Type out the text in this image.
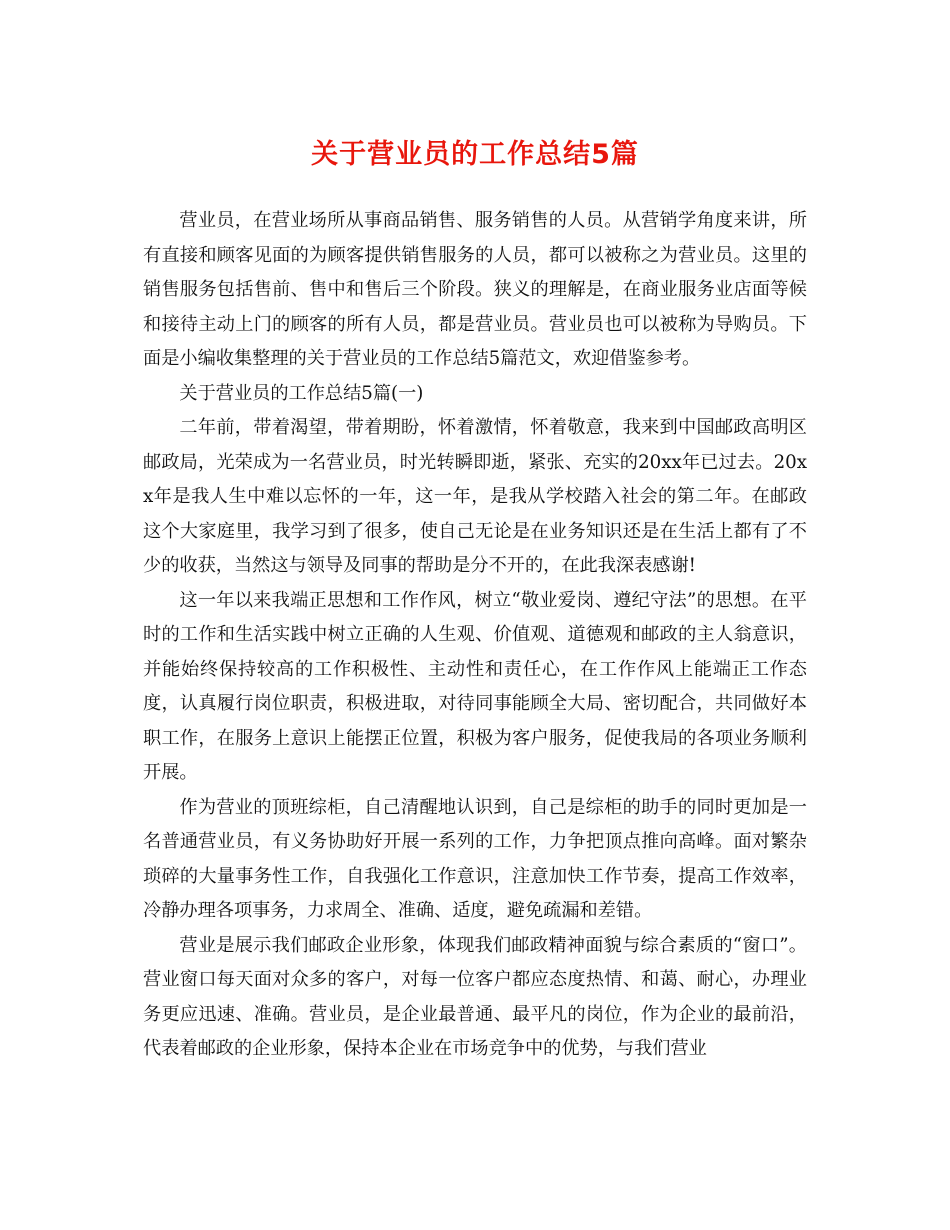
关于营业员的工作总结5篇

营业员，在营业场所从事商品销售、服务销售的人员。从营销学角度来讲，所有直接和顾客见面的为顾客提供销售服务的人员，都可以被称之为营业员。这里的销售服务包括售前、售中和售后三个阶段。狭义的理解是，在商业服务业店面等候和接待主动上门的顾客的所有人员，都是营业员。营业员也可以被称为导购员。下面是小编收集整理的关于营业员的工作总结5篇范文，欢迎借鉴参考。

关于营业员的工作总结5篇(一)

二年前，带着渴望，带着期盼，怀着激情，怀着敬意，我来到中国邮政高明区邮政局，光荣成为一名营业员，时光转瞬即逝，紧张、充实的20xx年已过去。20xx年是我人生中难以忘怀的一年，这一年，是我从学校踏入社会的第二年。在邮政这个大家庭里，我学习到了很多，使自己无论是在业务知识还是在生活上都有了不少的收获，当然这与领导及同事的帮助是分不开的，在此我深表感谢!

这一年以来我端正思想和工作作风，树立“敬业爱岗、遵纪守法”的思想。在平时的工作和生活实践中树立正确的人生观、价值观、道德观和邮政的主人翁意识，并能始终保持较高的工作积极性、主动性和责任心，在工作作风上能端正工作态度，认真履行岗位职责，积极进取，对待同事能顾全大局、密切配合，共同做好本职工作，在服务上意识上能摆正位置，积极为客户服务，促使我局的各项业务顺利开展。

作为营业的顶班综柜，自己清醒地认识到，自己是综柜的助手的同时更加是一名普通营业员，有义务协助好开展一系列的工作，力争把顶点推向高峰。面对繁杂琐碎的大量事务性工作，自我强化工作意识，注意加快工作节奏，提高工作效率，冷静办理各项事务，力求周全、准确、适度，避免疏漏和差错。

营业是展示我们邮政企业形象，体现我们邮政精神面貌与综合素质的“窗口”。营业窗口每天面对众多的客户，对每一位客户都应态度热情、和蔼、耐心，办理业务更应迅速、准确。营业员，是企业最普通、最平凡的岗位，作为企业的最前沿，代表着邮政的企业形象，保持本企业在市场竞争中的优势，与我们营业
